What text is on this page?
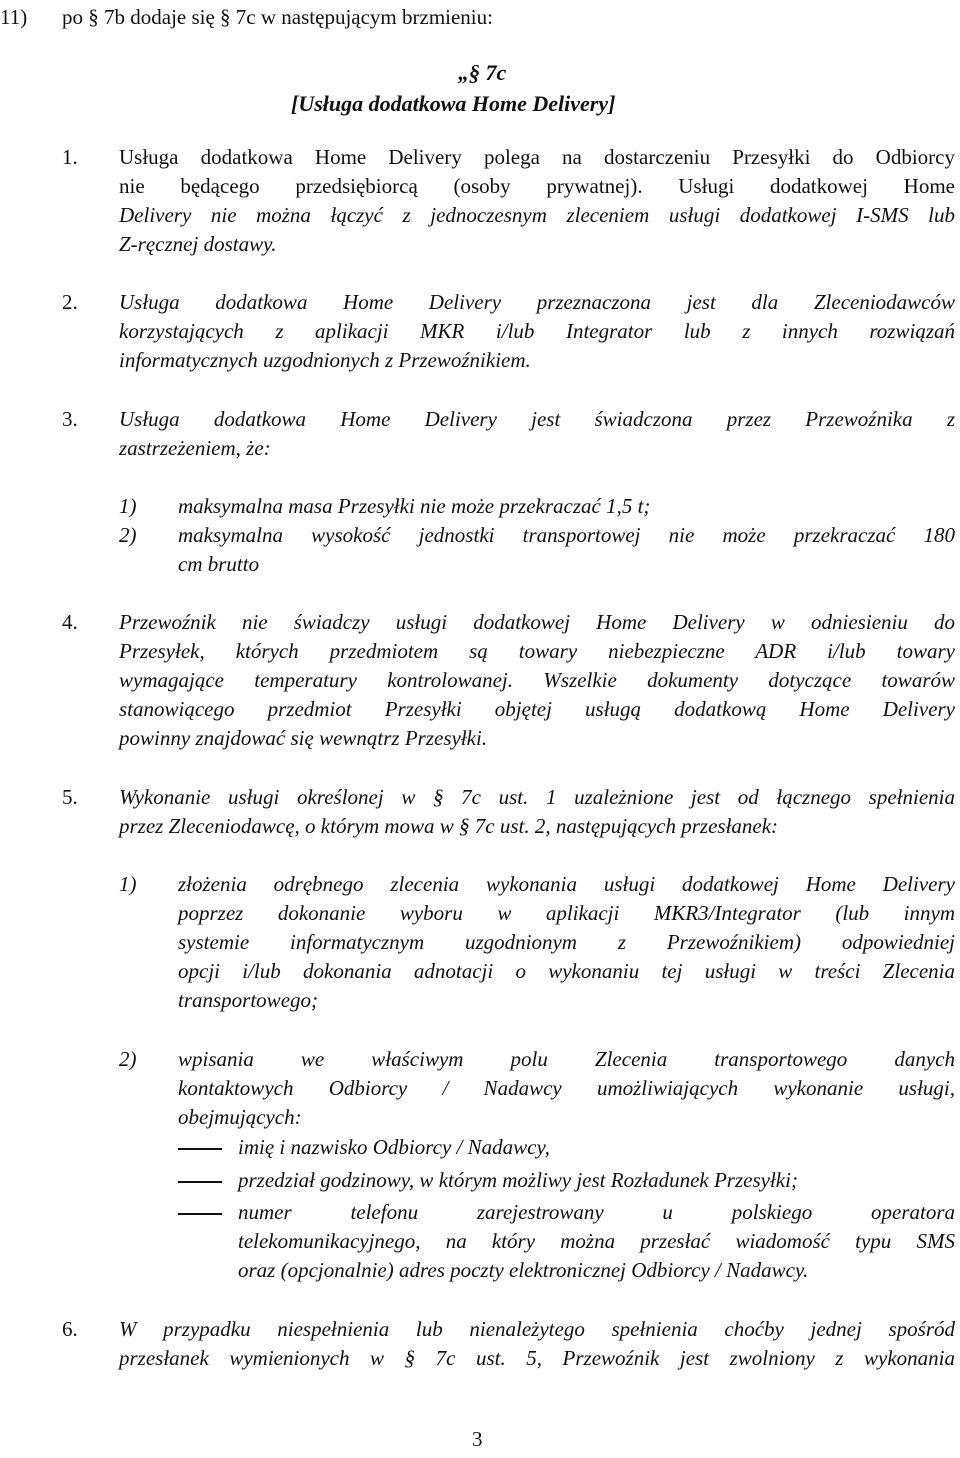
11) po § 7b dodaje się § 7c w następującym brzmieniu:
„§ 7c
[Usługa dodatkowa Home Delivery]
1. Usługa dodatkowa Home Delivery polega na dostarczeniu Przesyłki do Odbiorcy
nie będącego przedsiębiorcą (osoby prywatnej). Usługi dodatkowej Home
Delivery nie można łączyć z jednoczesnym zleceniem usługi dodatkowej I-SMS lub
Z-ręcznej dostawy.
2. Usługa dodatkowa Home Delivery przeznaczona jest dla Zleceniodawców
korzystających z aplikacji MKR i/lub Integrator lub z innych rozwiązań
informatycznych uzgodnionych z Przewoźnikiem.
3. Usługa dodatkowa Home Delivery jest świadczona przez Przewoźnika z
zastrzeżeniem, że:
1) maksymalna masa Przesyłki nie może przekraczać 1,5 t;
2) maksymalna wysokość jednostki transportowej nie może przekraczać 180
cm brutto
4. Przewoźnik nie świadczy usługi dodatkowej Home Delivery w odniesieniu do
Przesyłek, których przedmiotem są towary niebezpieczne ADR i/lub towary
wymagające temperatury kontrolowanej. Wszelkie dokumenty dotyczące towarów
stanowiącego przedmiot Przesyłki objętej usługą dodatkową Home Delivery
powinny znajdować się wewnątrz Przesyłki.
5. Wykonanie usługi określonej w § 7c ust. 1 uzależnione jest od łącznego spełnienia
przez Zleceniodawcę, o którym mowa w § 7c ust. 2, następujących przesłanek:
1) złożenia odrębnego zlecenia wykonania usługi dodatkowej Home Delivery
poprzez dokonanie wyboru w aplikacji MKR3/Integrator (lub innym
systemie informatycznym uzgodnionym z Przewoźnikiem) odpowiedniej
opcji i/lub dokonania adnotacji o wykonaniu tej usługi w treści Zlecenia
transportowego;
2) wpisania we właściwym polu Zlecenia transportowego danych
kontaktowych Odbiorcy / Nadawcy umożliwiających wykonanie usługi,
obejmujących:
imię i nazwisko Odbiorcy / Nadawcy,
przedział godzinowy, w którym możliwy jest Rozładunek Przesyłki;
numer telefonu zarejestrowany u polskiego operatora
telekomunikacyjnego, na który można przesłać wiadomość typu SMS
oraz (opcjonalnie) adres poczty elektronicznej Odbiorcy / Nadawcy.
6. W przypadku niespełnienia lub nienależytego spełnienia choćby jednej spośród
przesłanek wymienionych w § 7c ust. 5, Przewoźnik jest zwolniony z wykonania
3
